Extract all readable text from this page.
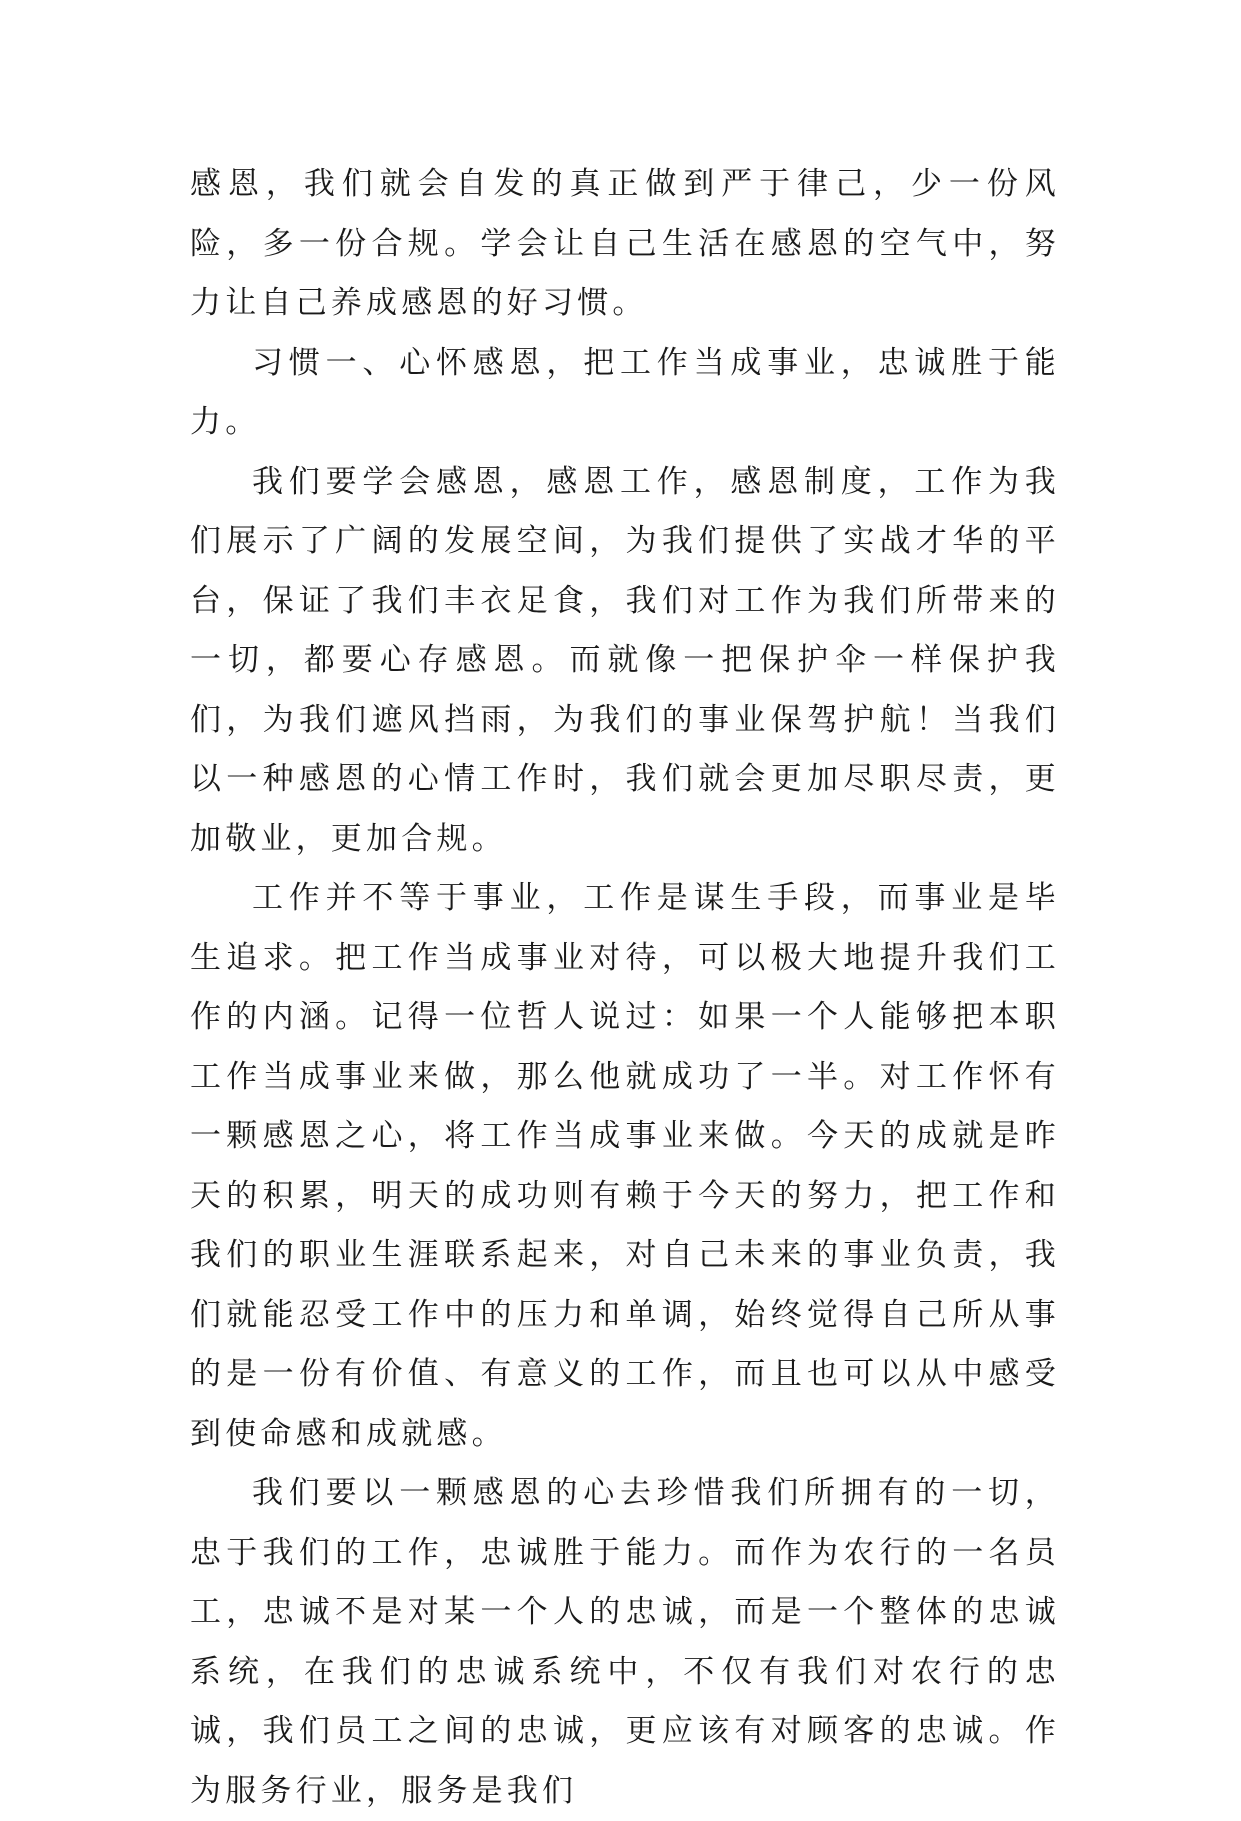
感恩，我们就会自发的真正做到严于律己，少一份风险，多一份合规。学会让自己生活在感恩的空气中，努力让自己养成感恩的好习惯。

习惯一、心怀感恩，把工作当成事业，忠诚胜于能力。

我们要学会感恩，感恩工作，感恩制度，工作为我们展示了广阔的发展空间，为我们提供了实战才华的平台，保证了我们丰衣足食，我们对工作为我们所带来的一切，都要心存感恩。而就像一把保护伞一样保护我们，为我们遮风挡雨，为我们的事业保驾护航！当我们以一种感恩的心情工作时，我们就会更加尽职尽责，更加敬业，更加合规。

工作并不等于事业，工作是谋生手段，而事业是毕生追求。把工作当成事业对待，可以极大地提升我们工作的内涵。记得一位哲人说过：如果一个人能够把本职工作当成事业来做，那么他就成功了一半。对工作怀有一颗感恩之心，将工作当成事业来做。今天的成就是昨天的积累，明天的成功则有赖于今天的努力，把工作和我们的职业生涯联系起来，对自己未来的事业负责，我们就能忍受工作中的压力和单调，始终觉得自己所从事的是一份有价值、有意义的工作，而且也可以从中感受到使命感和成就感。

我们要以一颗感恩的心去珍惜我们所拥有的一切，忠于我们的工作，忠诚胜于能力。而作为农行的一名员工，忠诚不是对某一个人的忠诚，而是一个整体的忠诚系统，在我们的忠诚系统中，不仅有我们对农行的忠诚，我们员工之间的忠诚，更应该有对顾客的忠诚。作为服务行业，服务是我们
